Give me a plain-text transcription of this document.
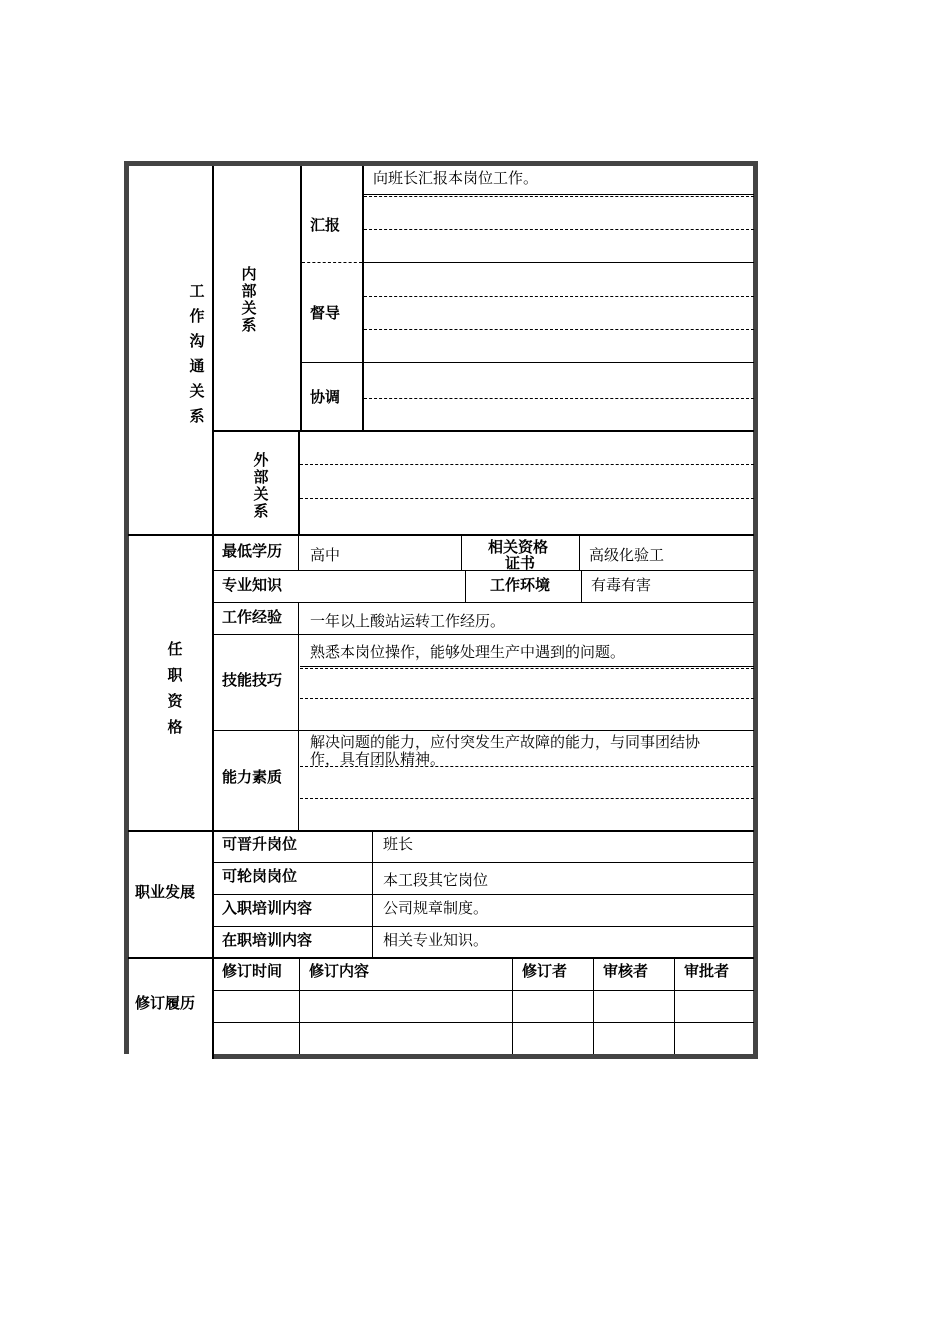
工
作
沟
通
关
系
内
部
关
系
汇报
向班长汇报本岗位工作。
督导
协调
外
部
关
系
任
职
资
格
最低学历 高中	相关资格
证书	高级化验工
专业知识	工作环境	有毒有害
工作经验 一年以上酸站运转工作经历。
技能技巧
熟悉本岗位操作，能够处理生产中遇到的问题。
能力素质
解决问题的能力，应付突发生产故障的能力，与同事团结协
作，具有团队精神。
职业发展
可晋升岗位	班长
可轮岗岗位	本工段其它岗位
入职培训内容	公司规章制度。
在职培训内容	相关专业知识。
修订履历
修订时间 修订内容	修订者 审核者 审批者
